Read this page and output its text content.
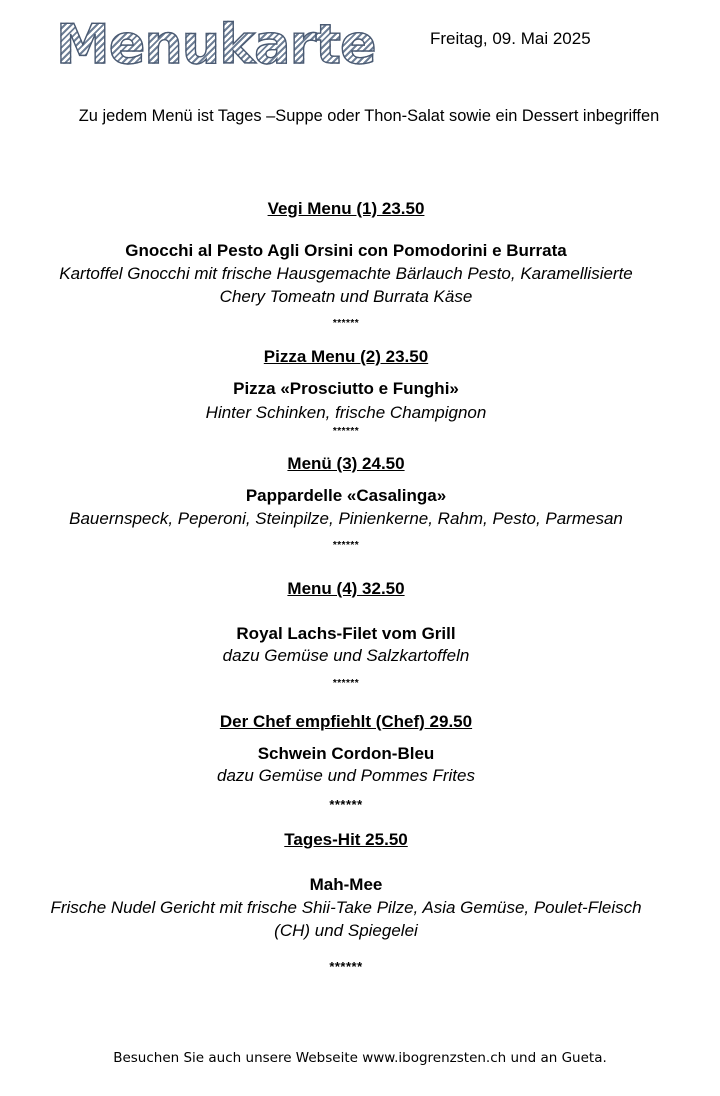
Menukarte	Freitag, 09. Mai 2025
Zu jedem Menü ist Tages –Suppe oder Thon-Salat sowie ein Dessert inbegriffen
Vegi Menu (1) 23.50
Gnocchi al Pesto Agli Orsini con Pomodorini e Burrata
Kartoffel Gnocchi mit frische Hausgemachte Bärlauch Pesto, Karamellisierte
Chery Tomeatn und Burrata Käse
******
Pizza Menu (2) 23.50
Pizza «Prosciutto e Funghi»
Hinter Schinken, frische Champignon
******
Menü (3) 24.50
Pappardelle «Casalinga»
Bauernspeck, Peperoni, Steinpilze, Pinienkerne, Rahm, Pesto, Parmesan
******
Menu (4) 32.50
Royal Lachs-Filet vom Grill
dazu Gemüse und Salzkartoffeln
******
Der Chef empfiehlt (Chef) 29.50
Schwein Cordon-Bleu
dazu Gemüse und Pommes Frites
******
Tages-Hit 25.50
Mah-Mee
Frische Nudel Gericht mit frische Shii-Take Pilze, Asia Gemüse, Poulet-Fleisch
(CH) und Spiegelei
******
Besuchen Sie auch unsere Webseite www.ibogrenzsten.ch und an Gueta.
